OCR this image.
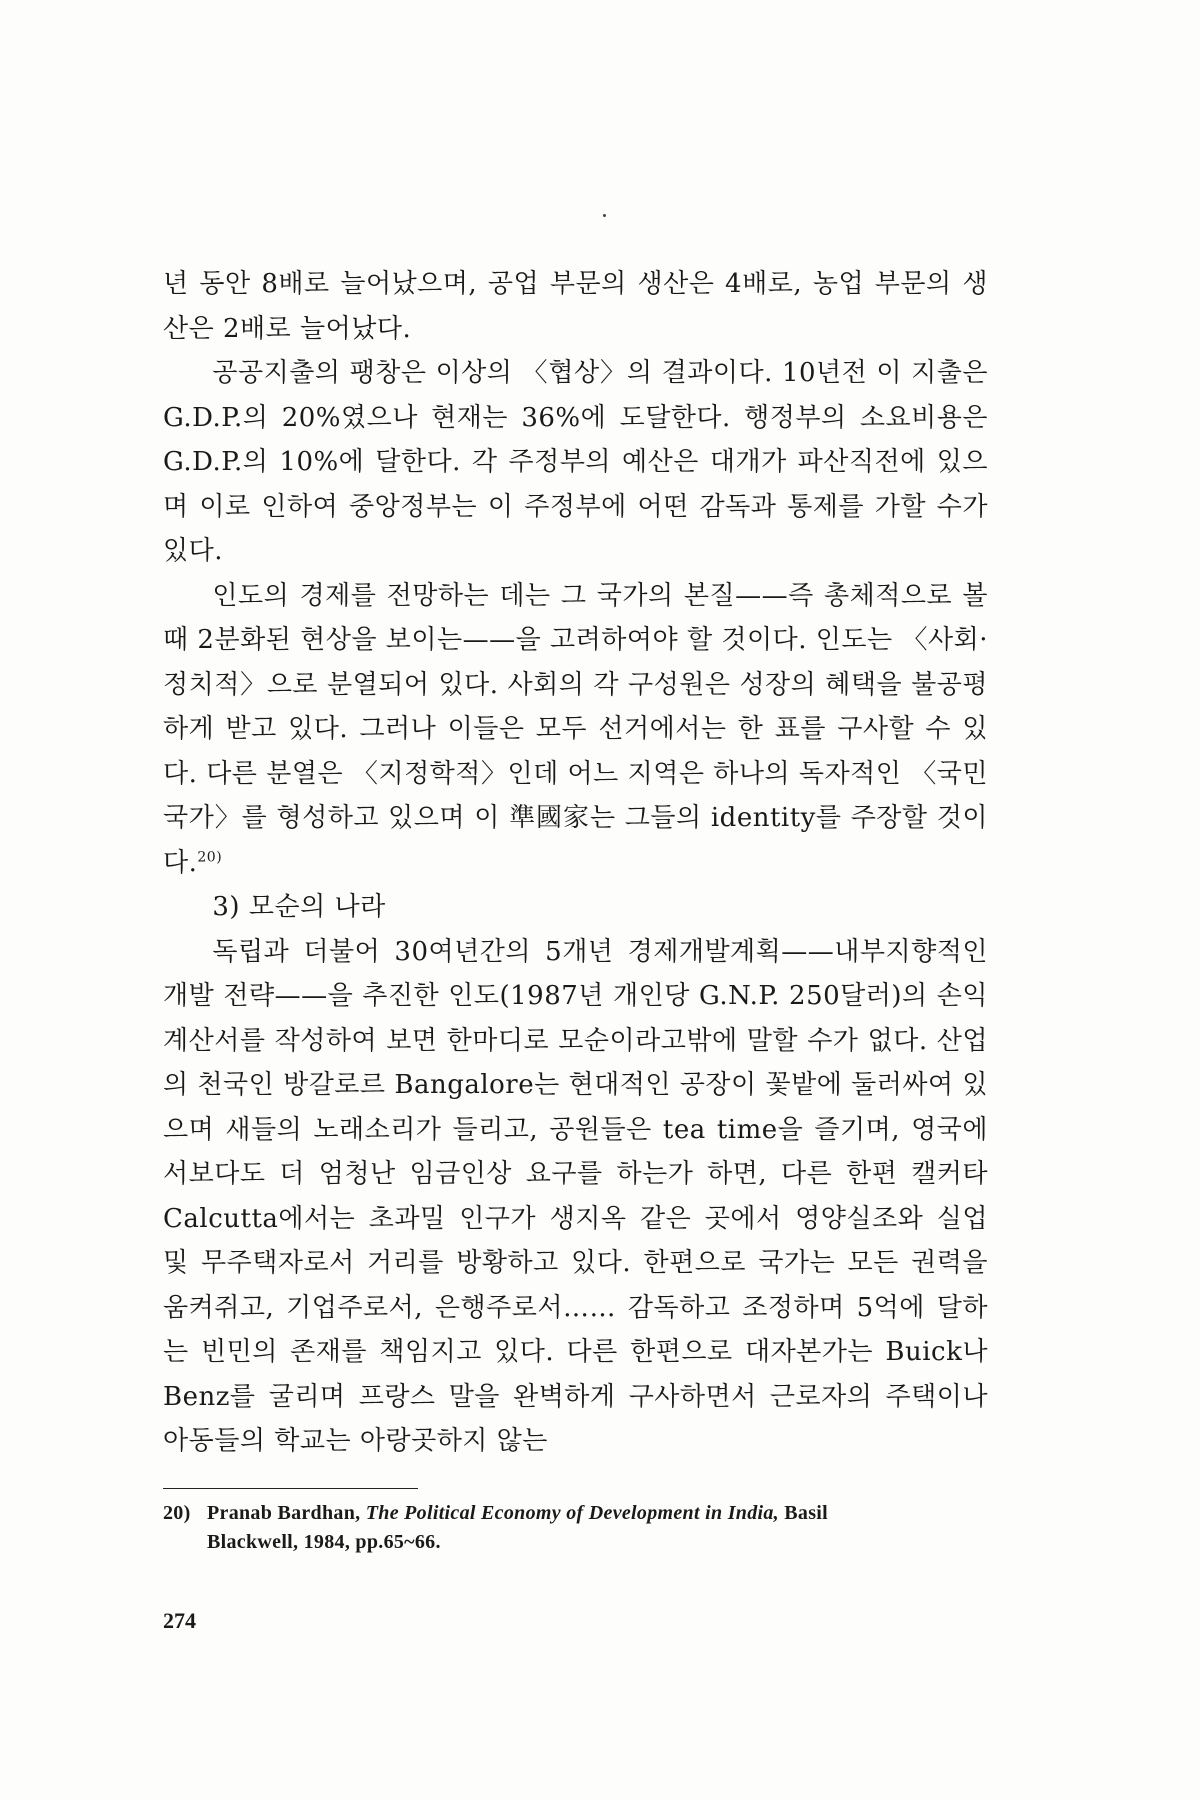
년 동안 8배로 늘어났으며, 공업 부문의 생산은 4배로, 농업 부문의 생산은 2배로 늘어났다.

공공지출의 팽창은 이상의 〈협상〉의 결과이다. 10년전 이 지출은 G.D.P.의 20%였으나 현재는 36%에 도달한다. 행정부의 소요비용은 G.D.P.의 10%에 달한다. 각 주정부의 예산은 대개가 파산직전에 있으며 이로 인하여 중앙정부는 이 주정부에 어떤 감독과 통제를 가할 수가 있다.

인도의 경제를 전망하는 데는 그 국가의 본질——즉 총체적으로 볼 때 2분화된 현상을 보이는——을 고려하여야 할 것이다. 인도는 〈사회·정치적〉으로 분열되어 있다. 사회의 각 구성원은 성장의 혜택을 불공평하게 받고 있다. 그러나 이들은 모두 선거에서는 한 표를 구사할 수 있다. 다른 분열은 〈지정학적〉인데 어느 지역은 하나의 독자적인 〈국민국가〉를 형성하고 있으며 이 準國家는 그들의 identity를 주장할 것이다.$^{20)}$

3) 모순의 나라

독립과 더불어 30여년간의 5개년 경제개발계획——내부지향적인 개발 전략——을 추진한 인도(1987년 개인당 G.N.P. 250달러)의 손익계산서를 작성하여 보면 한마디로 모순이라고밖에 말할 수가 없다. 산업의 천국인 방갈로르 Bangalore는 현대적인 공장이 꽃밭에 둘러싸여 있으며 새들의 노래소리가 들리고, 공원들은 tea time을 즐기며, 영국에서보다도 더 엄청난 임금인상 요구를 하는가 하면, 다른 한편 캘커타 Calcutta에서는 초과밀 인구가 생지옥 같은 곳에서 영양실조와 실업 및 무주택자로서 거리를 방황하고 있다. 한편으로 국가는 모든 권력을 움켜쥐고, 기업주로서, 은행주로서…… 감독하고 조정하며 5억에 달하는 빈민의 존재를 책임지고 있다. 다른 한편으로 대자본가는 Buick나 Benz를 굴리며 프랑스 말을 완벽하게 구사하면서 근로자의 주택이나 아동들의 학교는 아랑곳하지 않는

20) Pranab Bardhan, The Political Economy of Development in India, Basil
Blackwell, 1984, pp.65~66.
274
